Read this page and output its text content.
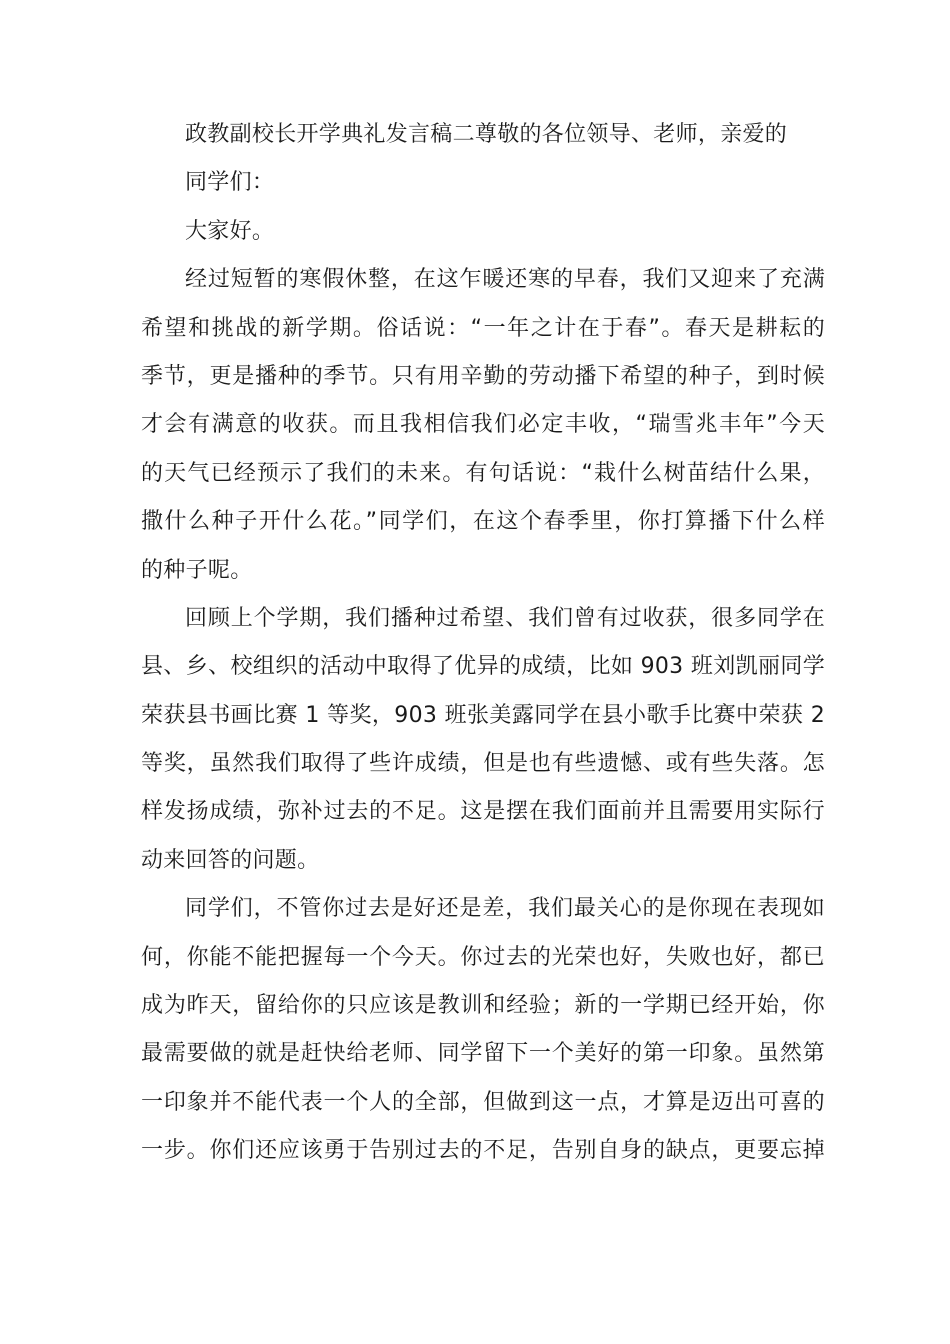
政教副校长开学典礼发言稿二尊敬的各位领导、老师，亲爱的
同学们：
大家好。
经过短暂的寒假休整，在这乍暖还寒的早春，我们又迎来了充满
希望和挑战的新学期。俗话说：“一年之计在于春”。春天是耕耘的
季节，更是播种的季节。只有用辛勤的劳动播下希望的种子，到时候
才会有满意的收获。而且我相信我们必定丰收，“瑞雪兆丰年”今天
的天气已经预示了我们的未来。有句话说：“栽什么树苗结什么果，
撒什么种子开什么花。”同学们，在这个春季里，你打算播下什么样
的种子呢。
回顾上个学期，我们播种过希望、我们曾有过收获，很多同学在
县、乡、校组织的活动中取得了优异的成绩，比如 903 班刘凯丽同学
荣获县书画比赛 1 等奖，903 班张美露同学在县小歌手比赛中荣获 2
等奖，虽然我们取得了些许成绩，但是也有些遗憾、或有些失落。怎
样发扬成绩，弥补过去的不足。这是摆在我们面前并且需要用实际行
动来回答的问题。
同学们，不管你过去是好还是差，我们最关心的是你现在表现如
何，你能不能把握每一个今天。你过去的光荣也好，失败也好，都已
成为昨天，留给你的只应该是教训和经验；新的一学期已经开始，你
最需要做的就是赶快给老师、同学留下一个美好的第一印象。虽然第
一印象并不能代表一个人的全部，但做到这一点，才算是迈出可喜的
一步。你们还应该勇于告别过去的不足，告别自身的缺点，更要忘掉
